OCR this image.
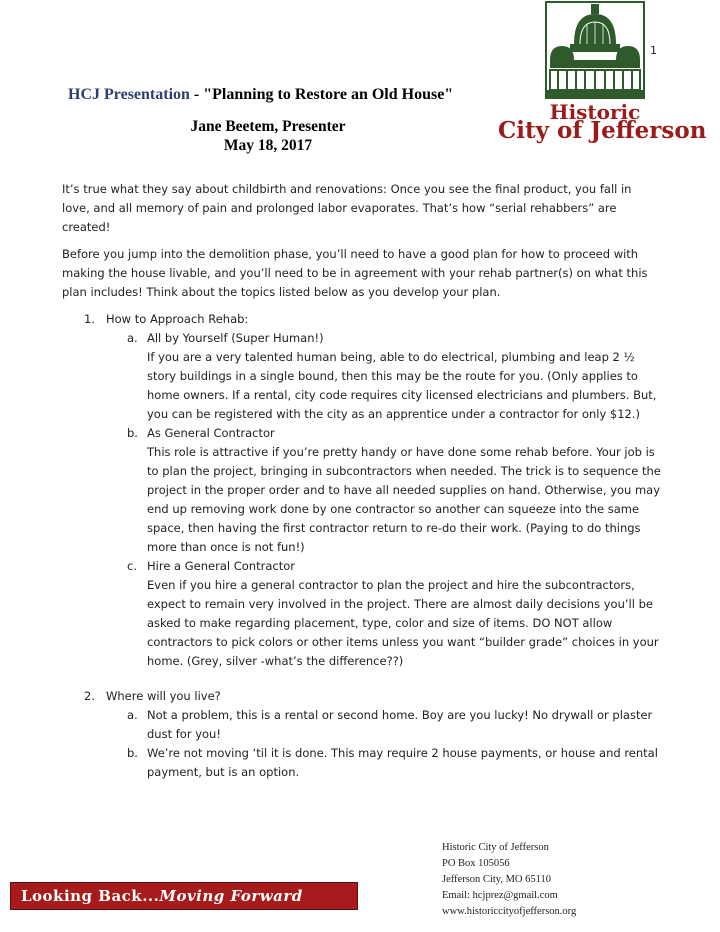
1
Historic
City of Jefferson
HCJ Presentation - "Planning to Restore an Old House"
Jane Beetem, Presenter
May 18, 2017

It’s true what they say about childbirth and renovations: Once you see the final product, you fall in love, and all memory of pain and prolonged labor evaporates. That’s how “serial rehabbers” are created!

Before you jump into the demolition phase, you’ll need to have a good plan for how to proceed with making the house livable, and you’ll need to be in agreement with your rehab partner(s) on what this plan includes! Think about the topics listed below as you develop your plan.

1. How to Approach Rehab:
a. All by Yourself (Super Human!)
If you are a very talented human being, able to do electrical, plumbing and leap 2 ½ story buildings in a single bound, then this may be the route for you. (Only applies to home owners. If a rental, city code requires city licensed electricians and plumbers. But, you can be registered with the city as an apprentice under a contractor for only $12.)
b. As General Contractor
This role is attractive if you’re pretty handy or have done some rehab before. Your job is to plan the project, bringing in subcontractors when needed. The trick is to sequence the project in the proper order and to have all needed supplies on hand. Otherwise, you may end up removing work done by one contractor so another can squeeze into the same space, then having the first contractor return to re-do their work. (Paying to do things more than once is not fun!)
c. Hire a General Contractor
Even if you hire a general contractor to plan the project and hire the subcontractors, expect to remain very involved in the project. There are almost daily decisions you’ll be asked to make regarding placement, type, color and size of items. DO NOT allow contractors to pick colors or other items unless you want “builder grade” choices in your home. (Grey, silver -what’s the difference??)
2. Where will you live?
a. Not a problem, this is a rental or second home. Boy are you lucky! No drywall or plaster dust for you!
b. We’re not moving ‘til it is done. This may require 2 house payments, or house and rental payment, but is an option.
Looking Back... Moving Forward
Historic City of Jefferson
PO Box 105056
Jefferson City, MO 65110
Email: hcjprez@gmail.com
www.historiccityofjefferson.org
